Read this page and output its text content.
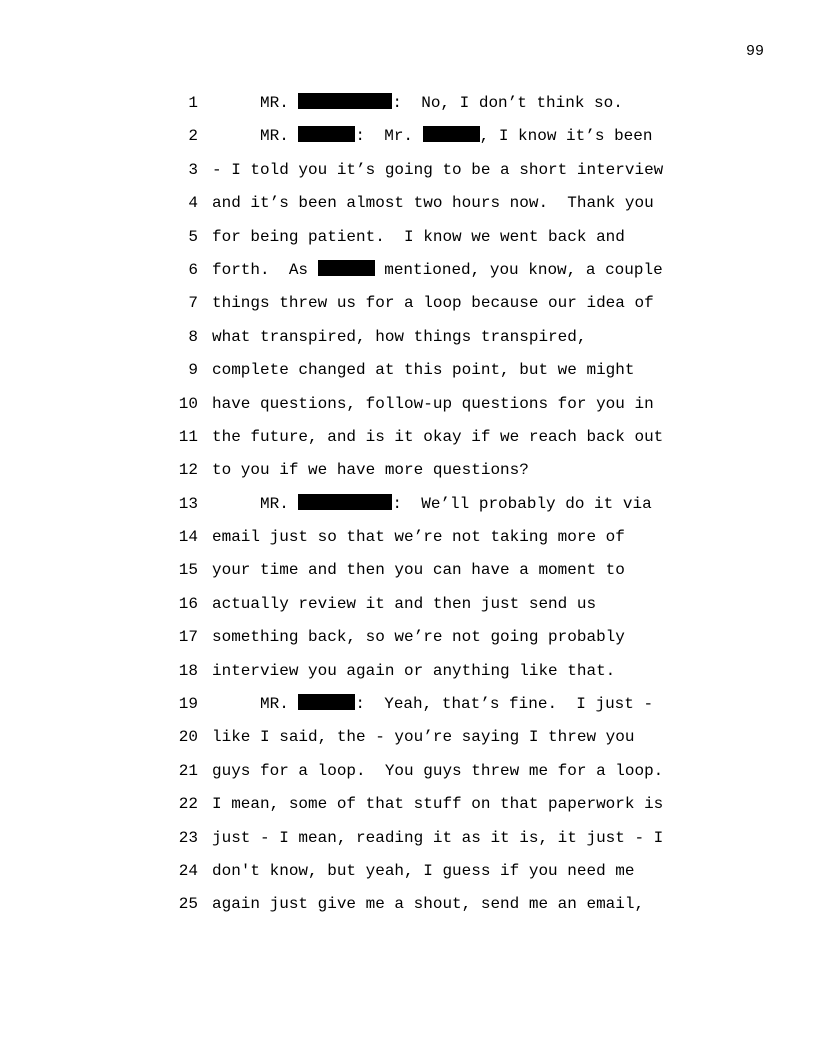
99
1 MR.	:  No, I don’t think so.
2 MR.	:  Mr.	, I know it’s been
3 - I told you it’s going to be a short interview
4 and it’s been almost two hours now.  Thank you
5 for being patient.  I know we went back and
6 forth.  As	mentioned, you know, a couple
7 things threw us for a loop because our idea of
8 what transpired, how things transpired,
9 complete changed at this point, but we might
10 have questions, follow-up questions for you in
11 the future, and is it okay if we reach back out
12 to you if we have more questions?
13 MR.	:  We’ll probably do it via
14 email just so that we’re not taking more of
15 your time and then you can have a moment to
16 actually review it and then just send us
17 something back, so we’re not going probably
18 interview you again or anything like that.
19 MR.	:  Yeah, that’s fine.  I just -
20 like I said, the - you’re saying I threw you
21 guys for a loop.  You guys threw me for a loop.
22 I mean, some of that stuff on that paperwork is
23 just - I mean, reading it as it is, it just - I
24 don't know, but yeah, I guess if you need me
25 again just give me a shout, send me an email,
